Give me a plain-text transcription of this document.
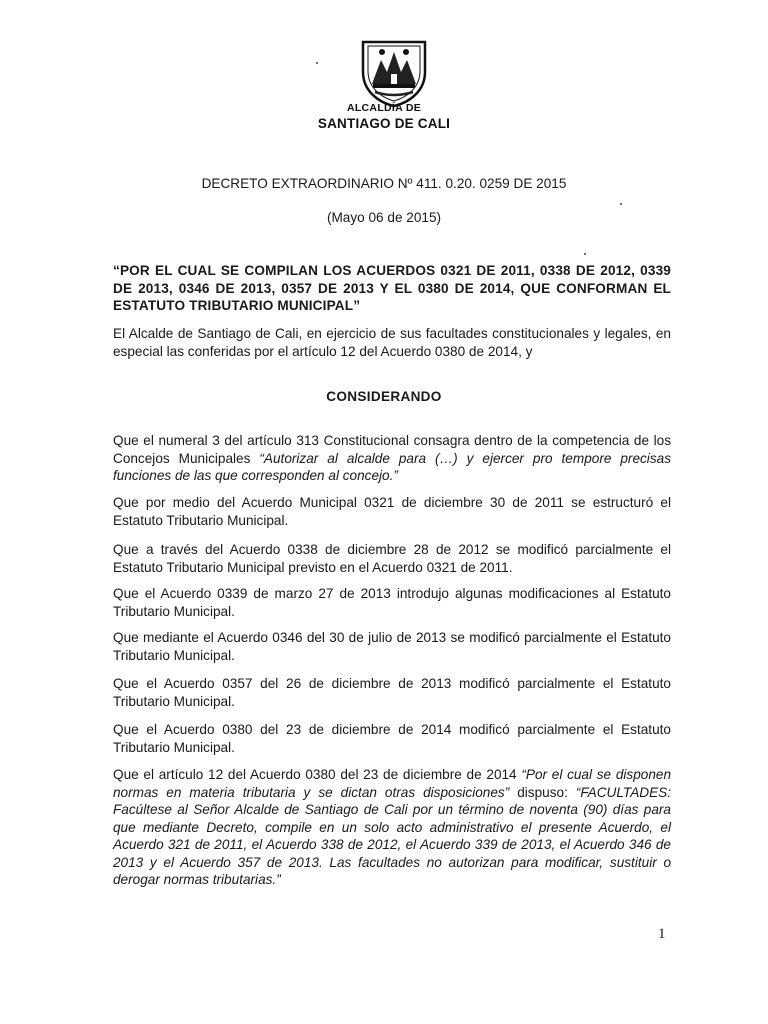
ALCALDÍA DE
SANTIAGO DE CALI
DECRETO EXTRAORDINARIO Nº 411. 0.20. 0259 DE 2015
(Mayo 06 de 2015)
“POR EL CUAL SE COMPILAN LOS ACUERDOS 0321 DE 2011, 0338 DE 2012, 0339 DE 2013, 0346 DE 2013, 0357 DE 2013 Y EL 0380 DE 2014, QUE CONFORMAN EL ESTATUTO TRIBUTARIO MUNICIPAL”
El Alcalde de Santiago de Cali, en ejercicio de sus facultades constitucionales y legales, en especial las conferidas por el artículo 12 del Acuerdo 0380 de 2014, y
CONSIDERANDO
Que el numeral 3 del artículo 313 Constitucional consagra dentro de la competencia de los Concejos Municipales “Autorizar al alcalde para (…) y ejercer pro tempore precisas funciones de las que corresponden al concejo.”
Que por medio del Acuerdo Municipal 0321 de diciembre 30 de 2011 se estructuró el Estatuto Tributario Municipal.
Que a través del Acuerdo 0338 de diciembre 28 de 2012 se modificó parcialmente el Estatuto Tributario Municipal previsto en el Acuerdo 0321 de 2011.
Que el Acuerdo 0339 de marzo 27 de 2013 introdujo algunas modificaciones al Estatuto Tributario Municipal.
Que mediante el Acuerdo 0346 del 30 de julio de 2013 se modificó parcialmente el Estatuto Tributario Municipal.
Que el Acuerdo 0357 del 26 de diciembre de 2013 modificó parcialmente el Estatuto Tributario Municipal.
Que el Acuerdo 0380 del 23 de diciembre de 2014 modificó parcialmente el Estatuto Tributario Municipal.
Que el artículo 12 del Acuerdo 0380 del 23 de diciembre de 2014 “Por el cual se disponen normas en materia tributaria y se dictan otras disposiciones” dispuso: “FACULTADES: Facúltese al Señor Alcalde de Santiago de Cali por un término de noventa (90) días para que mediante Decreto, compile en un solo acto administrativo el presente Acuerdo, el Acuerdo 321 de 2011, el Acuerdo 338 de 2012, el Acuerdo 339 de 2013, el Acuerdo 346 de 2013 y el Acuerdo 357 de 2013. Las facultades no autorizan para modificar, sustituir o derogar normas tributarias.”
1
